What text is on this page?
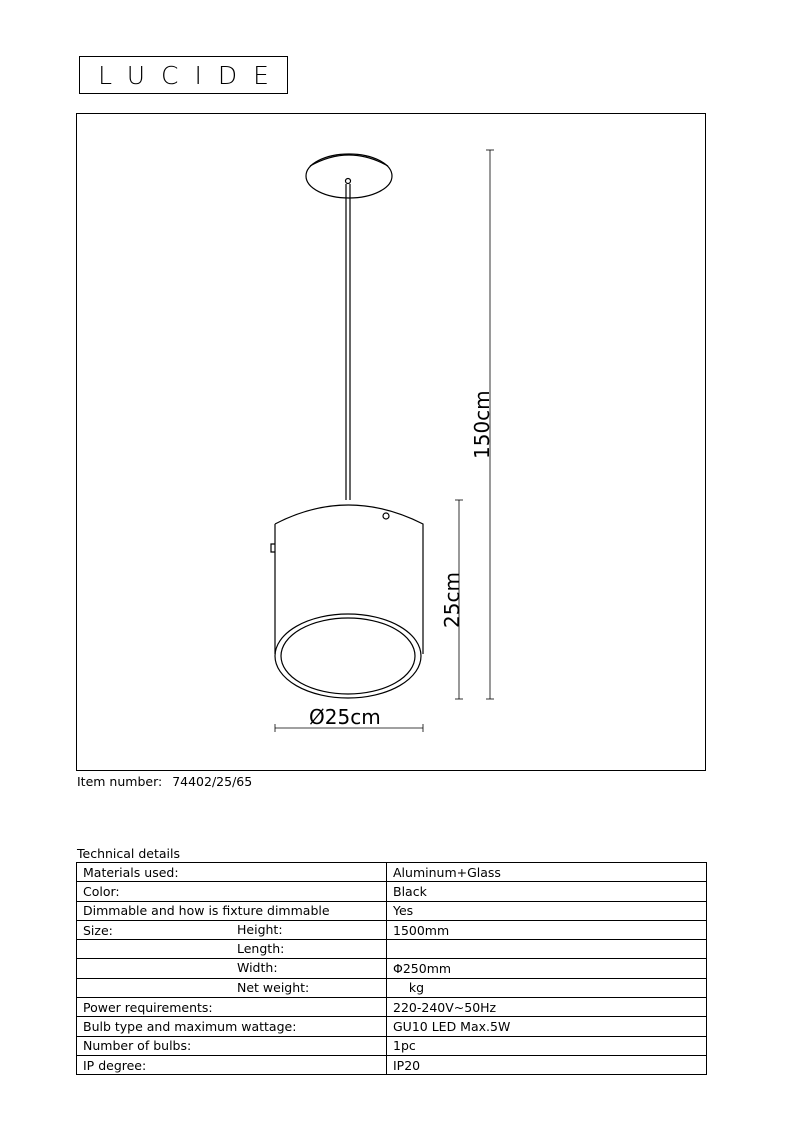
LUCIDE
150cm
25cm
Ø25cm
Item number: 74402/25/65
Technical details
Materials used:	Aluminum+Glass
Color:	Black
Dimmable and how is fixture dimmable	Yes
Size: Height:	1500mm

Length:	

Width:	Φ250mm

Net weight:	kg
Power requirements:	220-240V~50Hz
Bulb type and maximum wattage:	GU10 LED Max.5W
Number of bulbs:	1pc
IP degree:	IP20
